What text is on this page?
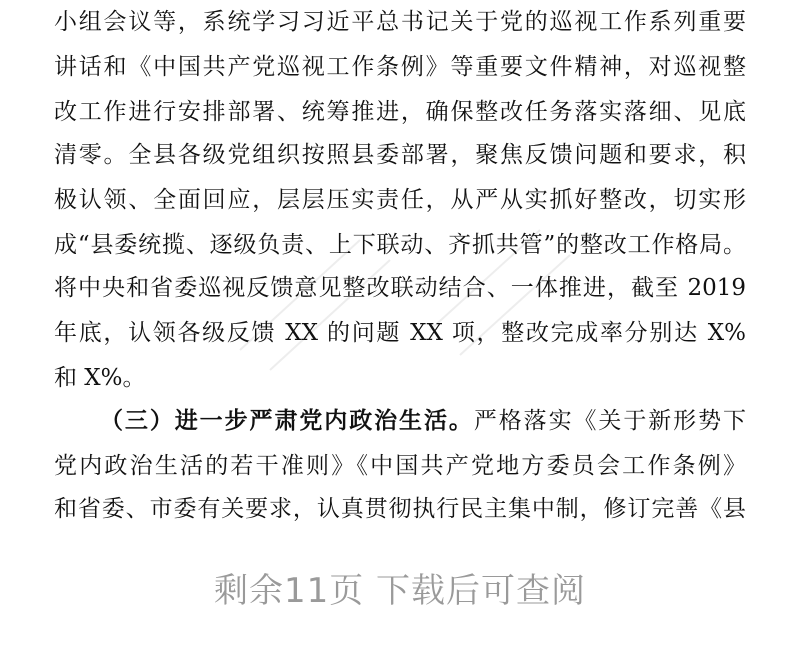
小组会议等，系统学习习近平总书记关于党的巡视工作系列重要
讲话和《中国共产党巡视工作条例》等重要文件精神，对巡视整
改工作进行安排部署、统筹推进，确保整改任务落实落细、见底
清零。全县各级党组织按照县委部署，聚焦反馈问题和要求，积
极认领、全面回应，层层压实责任，从严从实抓好整改，切实形
成“县委统揽、逐级负责、上下联动、齐抓共管”的整改工作格局。
将中央和省委巡视反馈意见整改联动结合、一体推进，截至 2019
年底，认领各级反馈 XX 的问题 XX 项，整改完成率分别达 X%
和 X%。
（三）进一步严肃党内政治生活。严格落实《关于新形势下
党内政治生活的若干准则》《中国共产党地方委员会工作条例》
和省委、市委有关要求，认真贯彻执行民主集中制，修订完善《县
剩余11页 下载后可查阅
